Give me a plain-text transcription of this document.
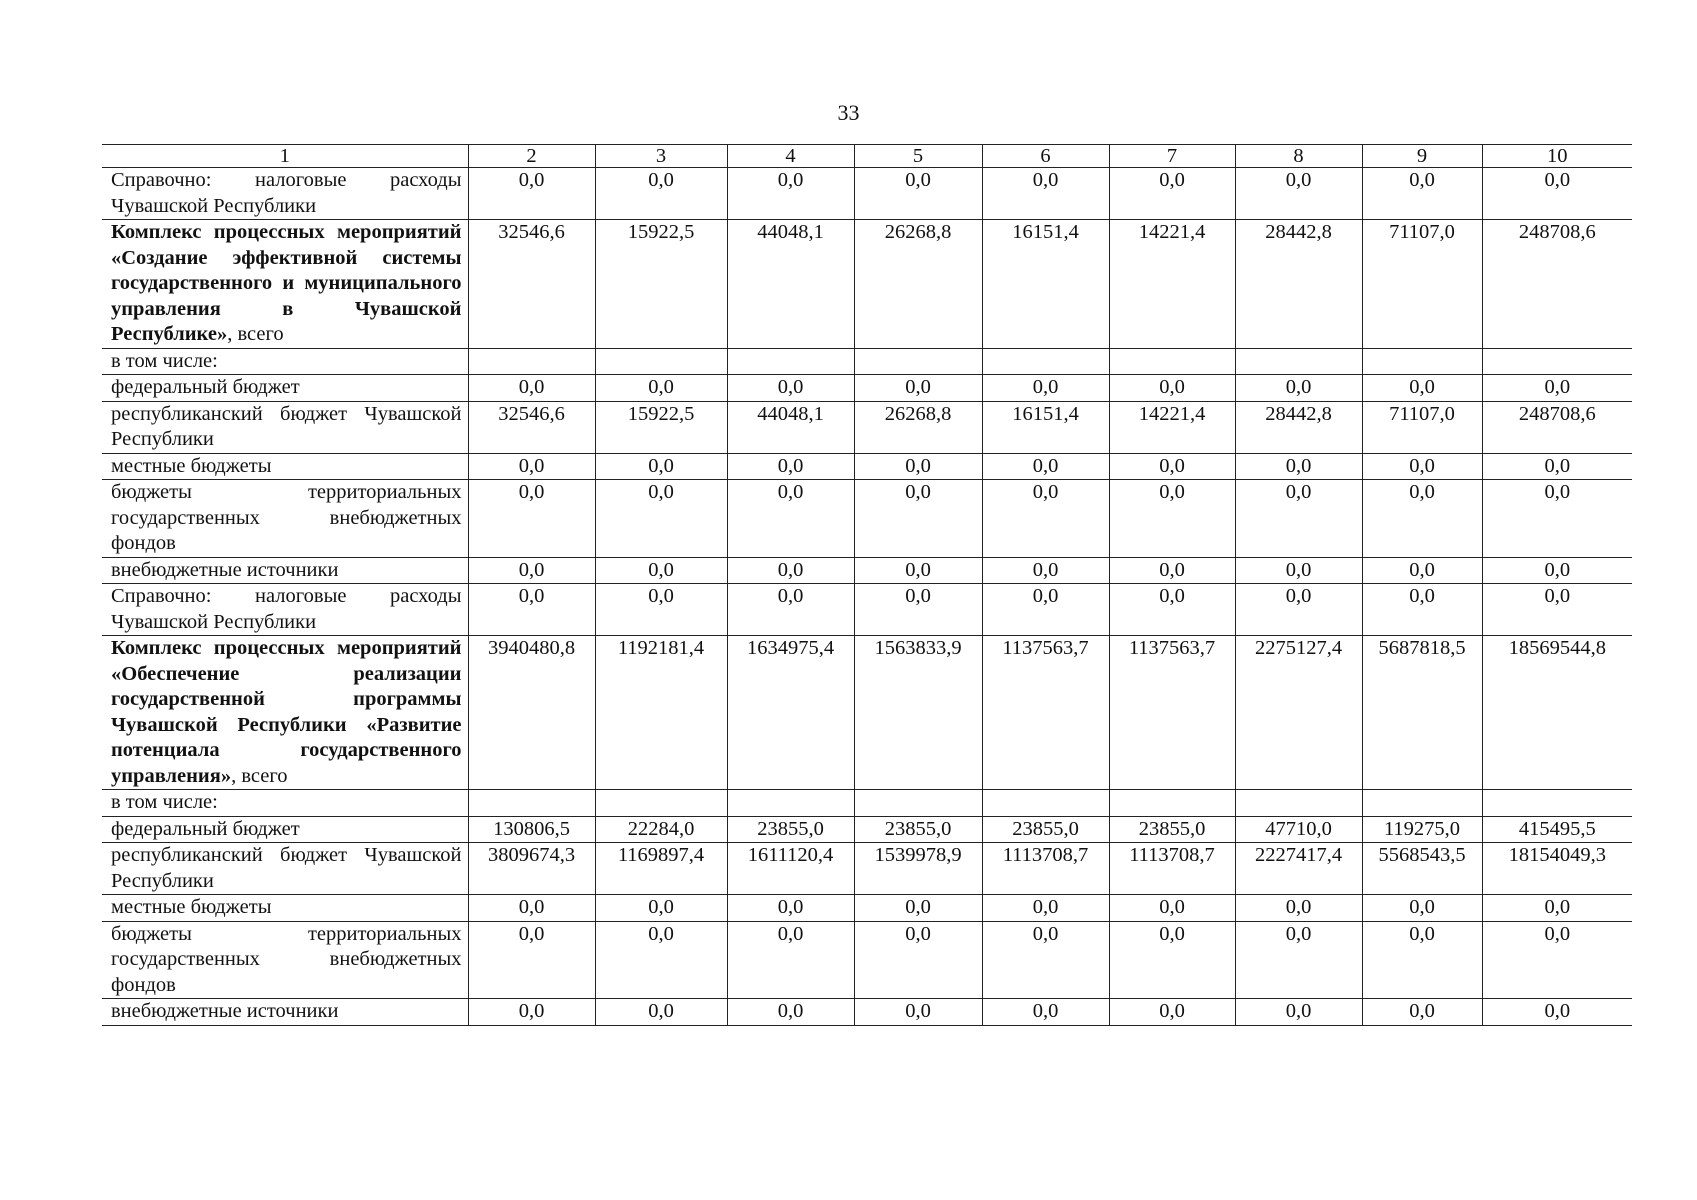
33
1	2	3	4	5	6	7	8	9	10
Справочно: налоговые расходы Чувашской Республики	0,0	0,0	0,0	0,0	0,0	0,0	0,0	0,0	0,0
Комплекс процессных мероприятий «Создание эффективной системы государственного и муниципального управления в Чувашской Республике», всего	32546,6	15922,5	44048,1	26268,8	16151,4	14221,4	28442,8	71107,0	248708,6
в том числе:									
федеральный бюджет	0,0	0,0	0,0	0,0	0,0	0,0	0,0	0,0	0,0
республиканский бюджет Чувашской Республики	32546,6	15922,5	44048,1	26268,8	16151,4	14221,4	28442,8	71107,0	248708,6
местные бюджеты	0,0	0,0	0,0	0,0	0,0	0,0	0,0	0,0	0,0
бюджеты территориальных государственных внебюджетных фондов	0,0	0,0	0,0	0,0	0,0	0,0	0,0	0,0	0,0
внебюджетные источники	0,0	0,0	0,0	0,0	0,0	0,0	0,0	0,0	0,0
Справочно: налоговые расходы Чувашской Республики	0,0	0,0	0,0	0,0	0,0	0,0	0,0	0,0	0,0
Комплекс процессных мероприятий «Обеспечение реализации государственной программы Чувашской Республики «Развитие потенциала государственного управления», всего	3940480,8	1192181,4	1634975,4	1563833,9	1137563,7	1137563,7	2275127,4	5687818,5	18569544,8
в том числе:									
федеральный бюджет	130806,5	22284,0	23855,0	23855,0	23855,0	23855,0	47710,0	119275,0	415495,5
республиканский бюджет Чувашской Республики	3809674,3	1169897,4	1611120,4	1539978,9	1113708,7	1113708,7	2227417,4	5568543,5	18154049,3
местные бюджеты	0,0	0,0	0,0	0,0	0,0	0,0	0,0	0,0	0,0
бюджеты территориальных государственных внебюджетных фондов	0,0	0,0	0,0	0,0	0,0	0,0	0,0	0,0	0,0
внебюджетные источники	0,0	0,0	0,0	0,0	0,0	0,0	0,0	0,0	0,0
